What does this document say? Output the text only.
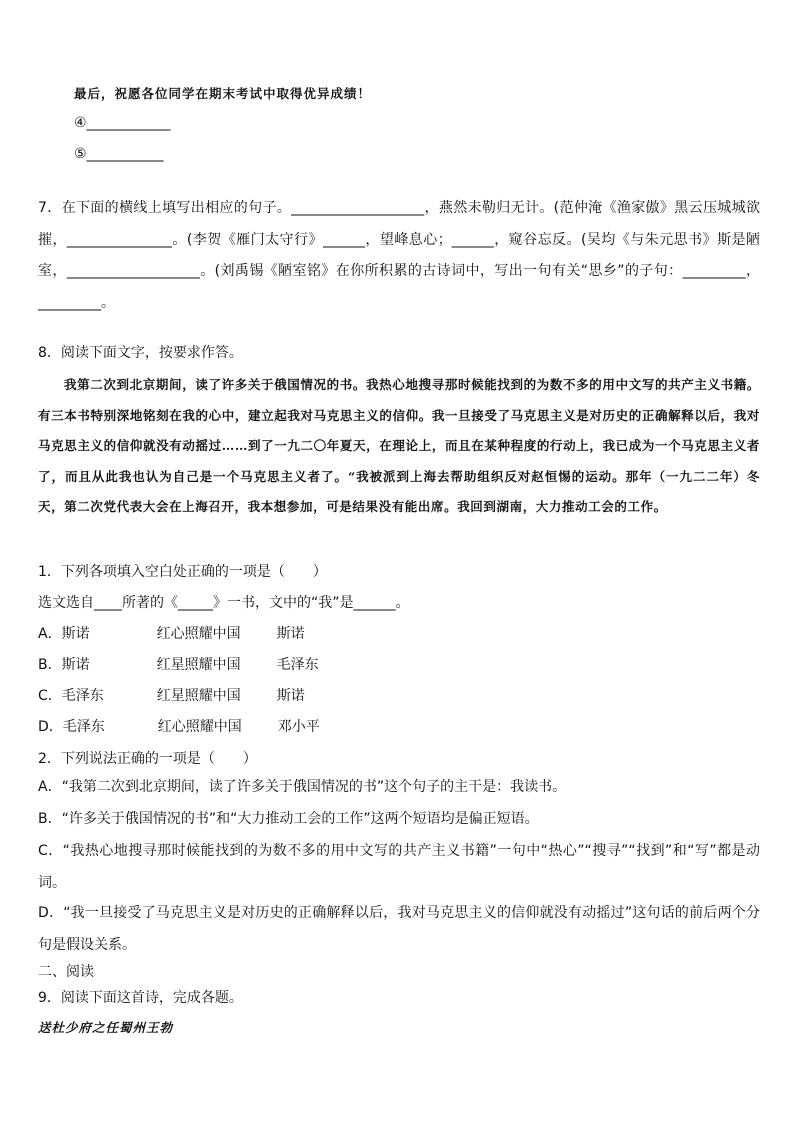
最后，祝愿各位同学在期末考试中取得优异成绩！
④____________
⑤___________
7．在下面的横线上填写出相应的句子。___________________，燕然未勒归无计。(范仲淹《渔家傲》黑云压城城欲摧，_______________。(李贺《雁门太守行》______，望峰息心；______，窥谷忘反。(吴均《与朱元思书》斯是陋室，___________________。(刘禹锡《陋室铭》在你所积累的古诗词中，写出一句有关“思乡”的子句：_________，_________。
8．阅读下面文字，按要求作答。
我第二次到北京期间，读了许多关于俄国情况的书。我热心地搜寻那时候能找到的为数不多的用中文写的共产主义书籍。有三本书特别深地铭刻在我的心中，建立起我对马克思主义的信仰。我一旦接受了马克思主义是对历史的正确解释以后，我对马克思主义的信仰就没有动摇过……到了一九二〇年夏天，在理论上，而且在某种程度的行动上，我已成为一个马克思主义者了，而且从此我也认为自己是一个马克思主义者了。“我被派到上海去帮助组织反对赵恒惕的运动。那年（一九二二年）冬天，第二次党代表大会在上海召开，我本想参加，可是结果没有能出席。我回到湖南，大力推动工会的工作。
1．下列各项填入空白处正确的一项是（　　）
选文选自____所著的《_____》一书，文中的“我”是______。
A．斯诺	红心照耀中国	斯诺
B．斯诺	红星照耀中国	毛泽东
C．毛泽东	红星照耀中国	斯诺
D．毛泽东	红心照耀中国	邓小平
2．下列说法正确的一项是（　　）
A．“我第二次到北京期间，读了许多关于俄国情况的书”这个句子的主干是：我读书。
B．“许多关于俄国情况的书”和“大力推动工会的工作”这两个短语均是偏正短语。
C．“我热心地搜寻那时候能找到的为数不多的用中文写的共产主义书籍”一句中“热心”“搜寻”“找到”和“写”都是动词。
D．“我一旦接受了马克思主义是对历史的正确解释以后，我对马克思主义的信仰就没有动摇过”这句话的前后两个分句是假设关系。
二、阅读
9．阅读下面这首诗，完成各题。
送杜少府之任蜀州王勃
